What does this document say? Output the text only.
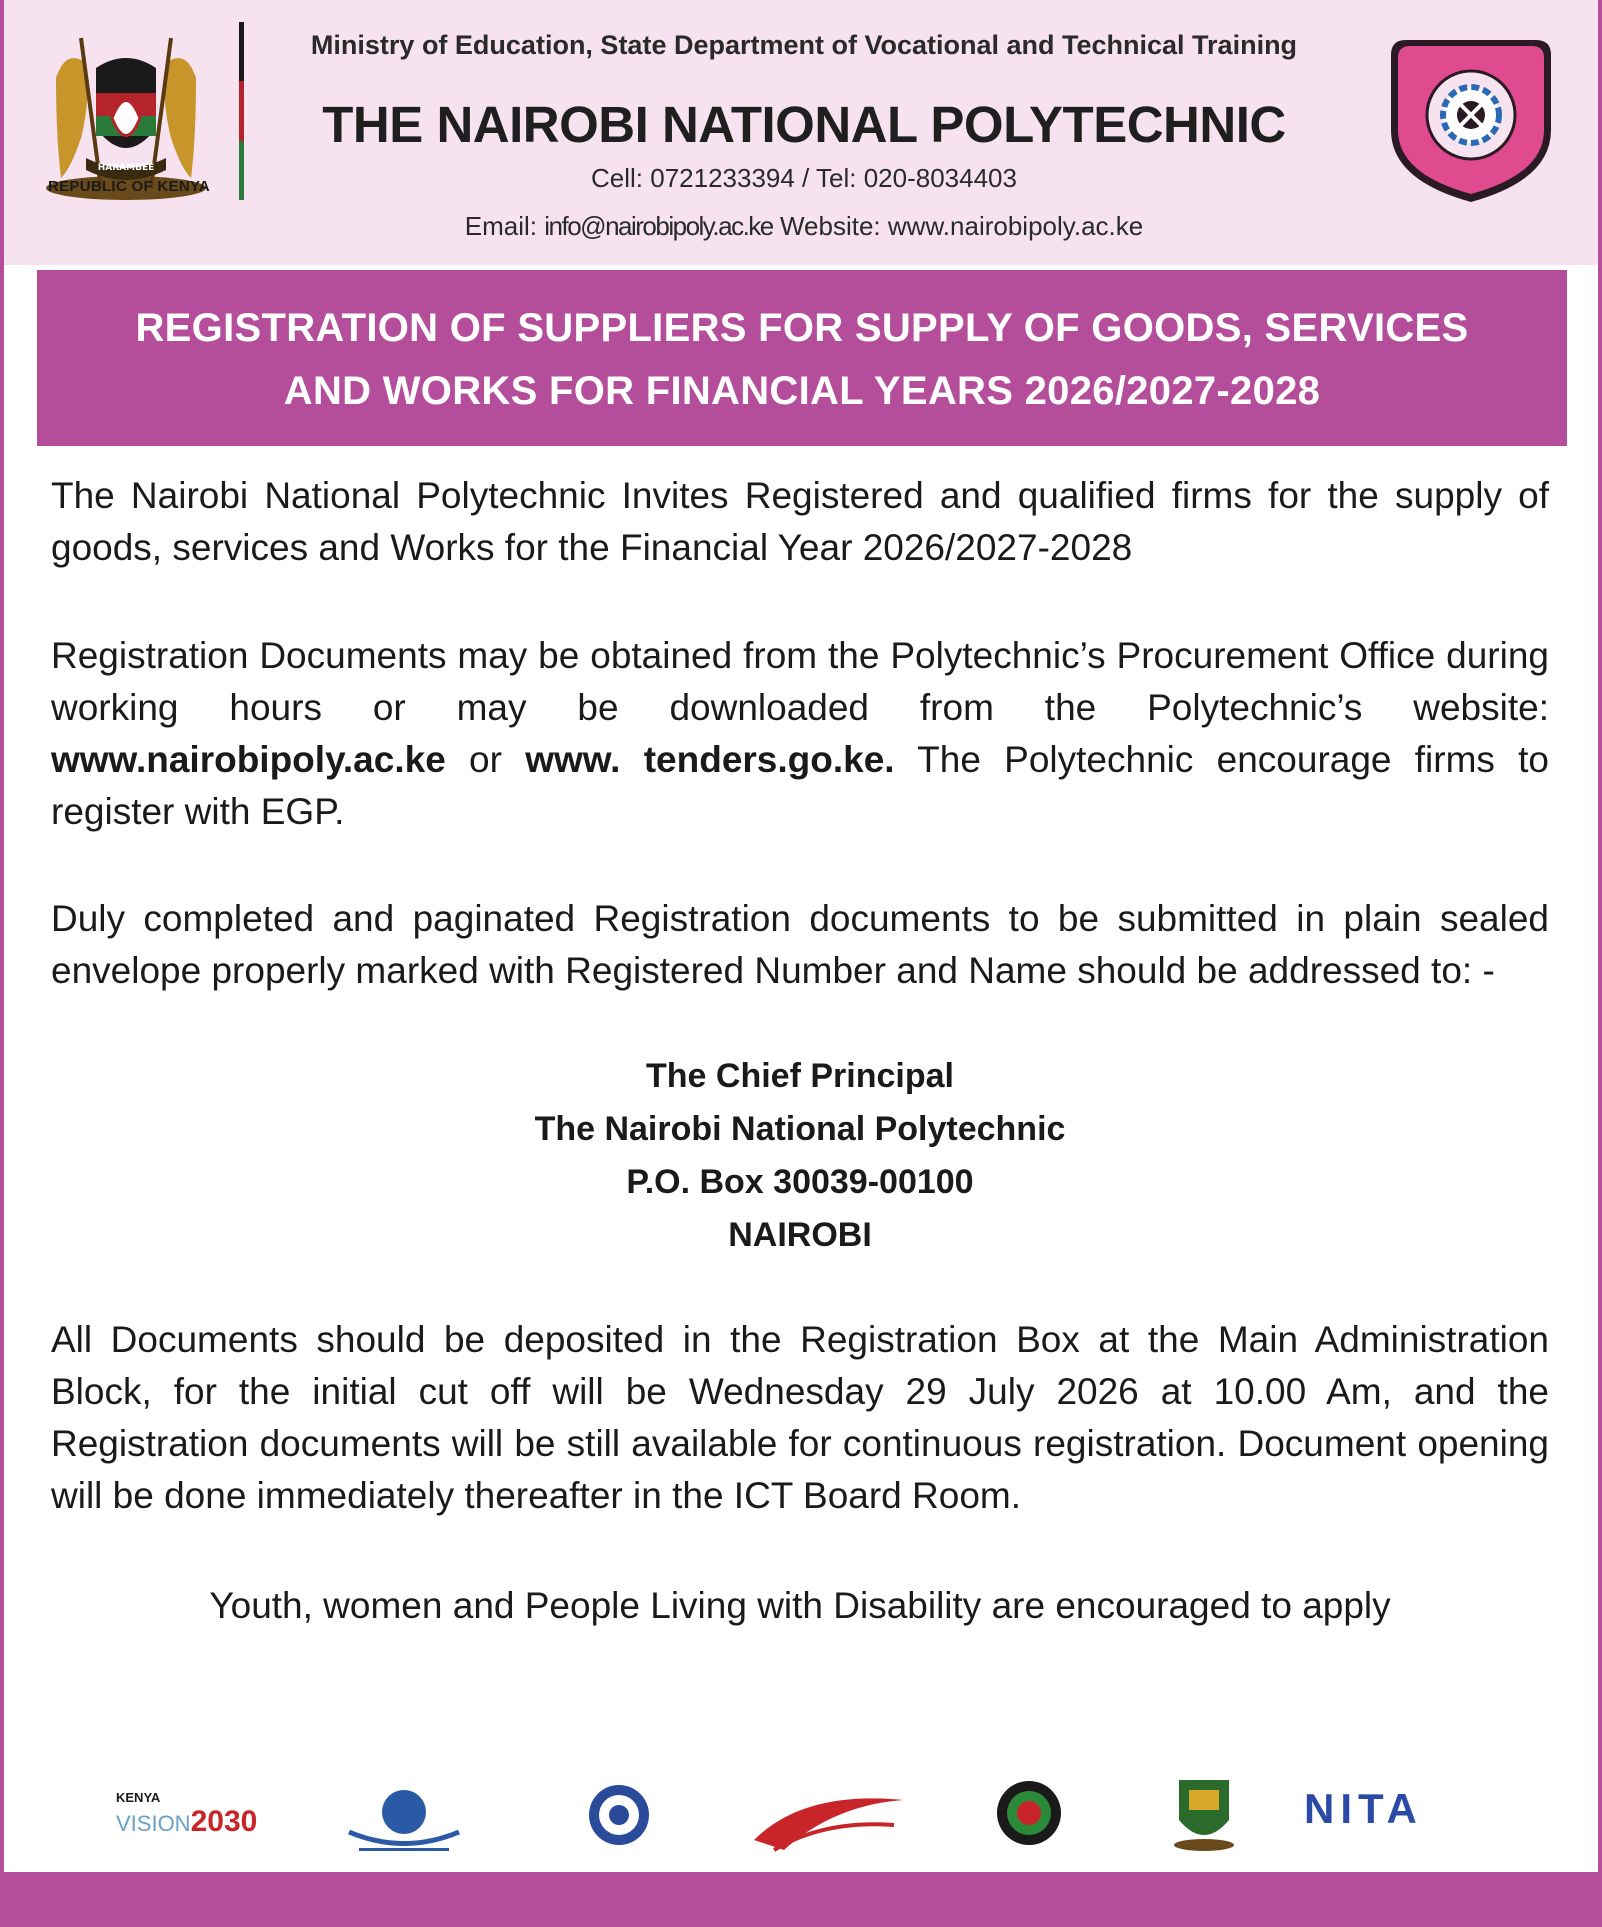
HARAMBEE
REPUBLIC OF KENYA
Ministry of Education, State Department of Vocational and Technical Training
THE NAIROBI NATIONAL POLYTECHNIC
Cell: 0721233394 / Tel: 020-8034403
Email: info@nairobipoly.ac.ke Website: www.nairobipoly.ac.ke
REGISTRATION OF SUPPLIERS FOR SUPPLY OF GOODS, SERVICES
AND WORKS FOR FINANCIAL YEARS 2026/2027-2028
The Nairobi National Polytechnic Invites Registered and qualified firms for the supply of goods, services and Works for the Financial Year 2026/2027-2028
Registration Documents may be obtained from the Polytechnic’s Procurement Office during working hours or may be downloaded from the Polytechnic’s website: www.nairobipoly.ac.ke or www. tenders.go.ke. The Polytechnic encourage firms to register with EGP.
Duly completed and paginated Registration documents to be submitted in plain sealed envelope properly marked with Registered Number and Name should be addressed to: -
The Chief Principal
The Nairobi National Polytechnic
P.O. Box 30039-00100
NAIROBI
All Documents should be deposited in the Registration Box at the Main Administration Block, for the initial cut off will be Wednesday 29 July 2026 at 10.00 Am, and the Registration documents will be still available for continuous registration. Document opening will be done immediately thereafter in the ICT Board Room.
Youth, women and People Living with Disability are encouraged to apply
KENYA
VISION2030	NITA
